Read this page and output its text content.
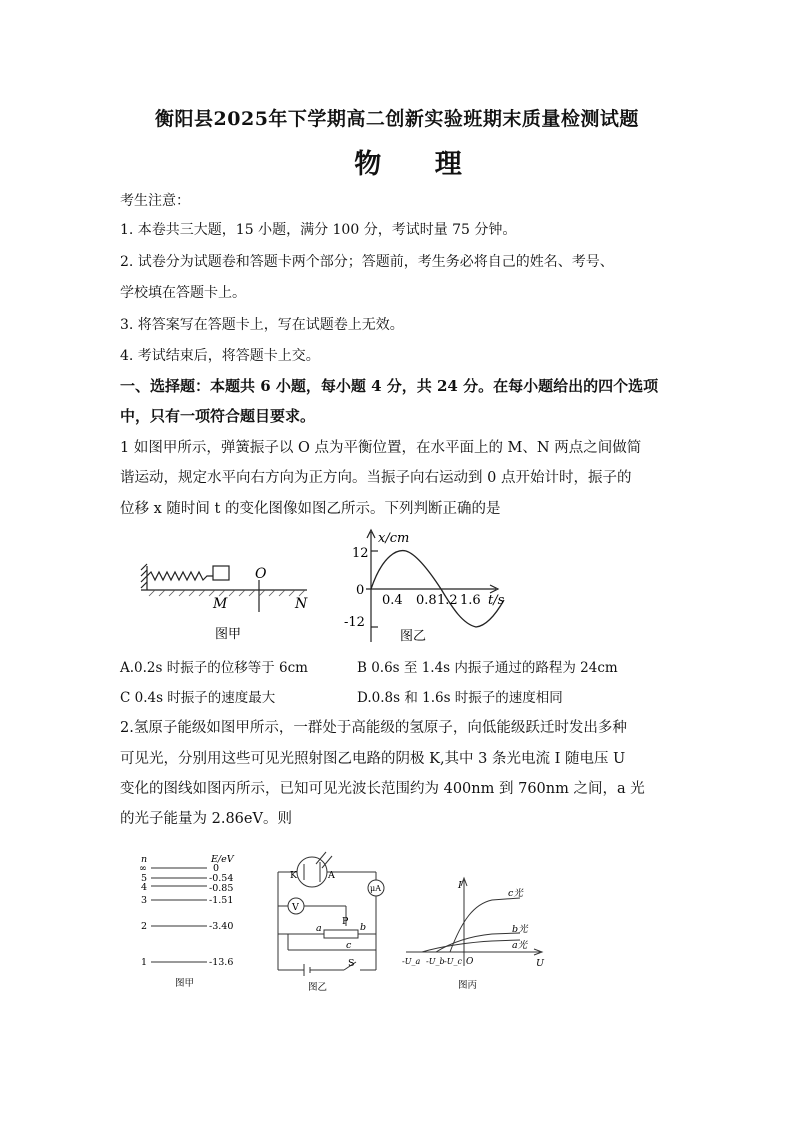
衡阳县2025年下学期高二创新实验班期末质量检测试题
物 理
考生注意：
1. 本卷共三大题，15 小题，满分 100 分，考试时量 75 分钟。
2. 试卷分为试题卷和答题卡两个部分；答题前，考生务必将自己的姓名、考号、
学校填在答题卡上。
3. 将答案写在答题卡上，写在试题卷上无效。
4. 考试结束后，将答题卡上交。
一、选择题：本题共 6 小题，每小题 4 分，共 24 分。在每小题给出的四个选项
中，只有一项符合题目要求。
1 如图甲所示，弹簧振子以 O 点为平衡位置，在水平面上的 M、N 两点之间做简
谐运动，规定水平向右方向为正方向。当振子向右运动到 0 点开始计时，振子的
位移 x 随时间 t 的变化图像如图乙所示。下列判断正确的是
O
M	N
图甲
x/cm
12
0
-12
0.4 0.8 1.2 1.6 t/s
图乙
A.0.2s 时振子的位移等于 6cm	B 0.6s 至 1.4s 内振子通过的路程为 24cm
C 0.4s 时振子的速度最大	D.0.8s 和 1.6s 时振子的速度相同
2.氢原子能级如图甲所示，一群处于高能级的氢原子，向低能级跃迁时发出多种
可见光，分别用这些可见光照射图乙电路的阴极 K,其中 3 条光电流 I 随电压 U
变化的图线如图丙所示，已知可见光波长范围约为 400nm 到 760nm 之间，a 光
的光子能量为 2.86eV。则
n	E/eV
∞	0
5	-0.54
4	-0.85
3	-1.51
2	-3.40
1	-13.6
图甲
K	A
μA
V
P
a	b
c
S
图乙
I
U
c光
b光
a光
-U_a -U_b -U_c O
图丙
